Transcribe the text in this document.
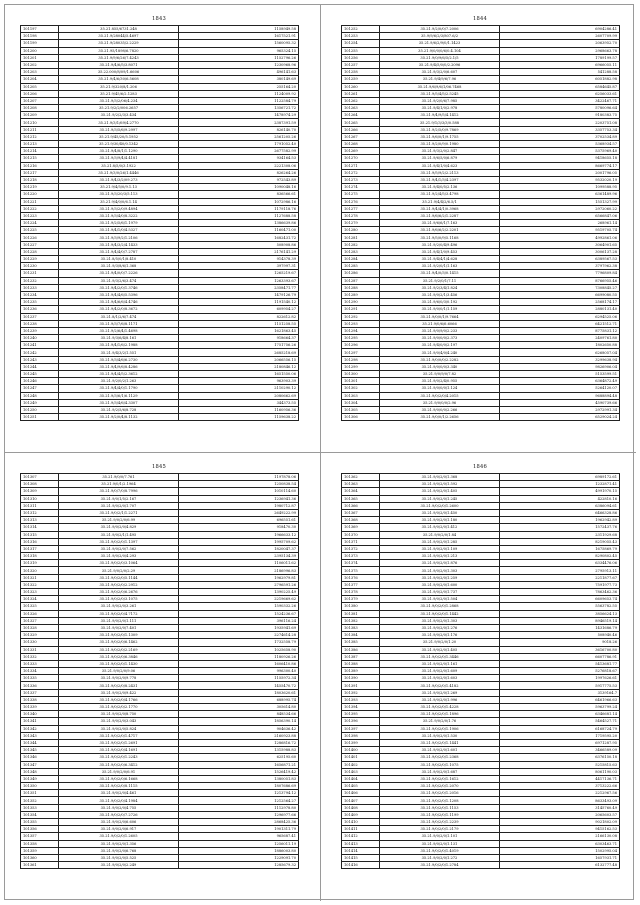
1843
101197	35.21.855/6731.248	1158949.58
101198	35.21.9/28044/5.4697	1617521.91
101199	35.21.9/28035/2.2229	1560095.32
101200	35.21.95/1898/6.7820	965324.15
101201	35.21.9/9/6/26/7.4243	1152796.26
101202	35.21.9/4/6/5/3.8071	1230968.96
101203	35.22.000/8/09/1.6606	496141.63
101204	35.21.9/4/6/30/6.5608	380149.69
101205	35.21.9/320/8/1.206	255164.20
101206	35.21.9/45/6/2.1283	1124009.92
101207	35.21.9/3/2/06/4.234	1122584.79
101208	35.21.9/2/2/006.2657	1356721.72
101209	35.21.9/2/2/3/3.434	1478974.29
101210	35.21.9/3/1/69/4.2770	2387391.59
101211	35.21.9/3/5/6/9.2997	826140.70
101212	35.21.9/45/20/5.1952	2561205.26
101213	35.21.9/30/40/0.1342	1791052.40
101214	35.21.9/4/8/1/1.1290	2677582.99
101215	35.21.9/3/9/4/4.4181	934164.53
101216	35.21.8/5/0/3.1922	2221308.06
101217	35.21.9/3/0/26/1.4446	826264.26
101218	35.21.9/4/3/2/09.273	972543.89
101219	35.21.9/4/5/0/9.1.13	1090048.16
101220	35.21.9/3/20/3/5.113	836566.61
101221	35.21.9/4/0/0/6.1.14	1072986.16
101222	35.21.9/3/2/0/9.4894	1179118.76
101223	35.21.9/3/4/0/8.3222	1127688.58
101224	35.21.9/2/5/6/1.1979	1386639.86
101225	35.21.9/4/1/0/4.5327	1160471.00
101226	35.21.9/3/9/2/1.2106	1682431.72
101227	35.21.9/4/3/2/4.1433	508908.86
101228	35.21.9/4/4/0/7.2787	2176141.29
101229	35.21.8/5/0/1/8.410	914378.39
101230	35.21.9/3/8/6/1.368	397997.31
101231	35.21.9/4/0/0/7.2226	1265219.67
101232	35.21.9/3/2/6/3.474	1263393.67
101233	35.21.9/4/2/0/1.3746	2358471.77
101234	35.21.9/4/4/6/5.5396	1479126.79
101235	35.21.9/4/6/6/4.4746	1191540.12
101236	35.21.9/4/2/0/8.3672	609954.27
101237	35.21.8/1/2/6/7.474	822612.82
101238	35.21.9/3/7/6/8.1171	1151258.55
101239	35.21.9/2/6/4/1.4698	1621863.45
101240	35.21.9/3/6/4/8.161	918664.37
101241	35.21.9/4/1/6/2.1988	1751756.26
101242	35.21.9/4/3/2/1.551	2685218.69
101243	35.21.9/3/4/6/6.2730	2066556.15
101244	35.21.9/4/9/6/8.4286	2180846.12
101245	35.21.9/4/4/5/2.3612	1651550.06
101246	35.21.9/2/0/2/1.263	963903.39
101247	35.21.9/4/4/0/1.1790	2110290.12
101248	35.21.9/3/6/1/6.1129	2080662.69
101249	35.21.9/3/4/6/4.3307	344373.55
101250	35.21.9/2/5/6/8.728	1160956.36
101251	35.21.9/2/0/4/8.1132	1159638.22
1844
101252	35.21.9/2/0/0/7.2006	6904286.41
101253	35.9/9/6/2/3/807.6/2	2607709.99
101254	35.21.9/6/2/9/0/1.1423	2063952.70
101255	35.21.9/0/0/0/6/0.4.104	2968663.78
101256	35.21.9/0/9/6/5/2.1/5	1789199.57
101257	35.21.9/4/5/0/0/2.2096	6966055.11
101258	35.21.9/3/2/0/6.607	541288.58
101259	35.21.9/4/9/6/7.96	6051882.98
101260	35.21.9/6/9/6/1/06.7468	6584645.87
101261	35.21.9/5/4/5/2.5245	6256033.61
101262	35.21.9/2/0/6/7.985	3422467.71
101263	35.21.9/4/1/0/2.978	5780096.64
101264	35.21.9/4/9/5/4.1412	9180383.75
101265	35.21.9/1/3/3/3/0.588	2203751.08
101266	35.21.9/2/5/0/9.7869	3357753.34
101267	35.21.9/6/0/1/9.1755	3702534.89
101268	35.21.9/2/0/9/0.1980	5368934.57
101269	35.21.9/3/2/0/2.847	5375969.40
101270	35.21.9/6/5/0/6.879	9418655.18
101271	35.21.9/4/1/0/4.623	8669774.17
101272	35.21.9/5/9/2/2.2113	2001796.05
101273	35.21.9/4/1/3/4.2397	9532020.19
101274	35.21.9/4/0/5/2.136	1099588.95
101275	35.21.9/2/4/5/3.4798	6361489.96
101276	35.21.9/4/4/2/6.5/1	1551327.99
101277	35.21.9/4/4/1/0.3968	2972060.22
101278	35.21.9/6/6/2/1.2287	6566847.06
101279	35.21.9/6/6/1/7.163	268961.14
101280	35.21.9/6/6/2/2.2201	9519705.74
101281	35.21.9/5/0/9/5.1168	4992861.06
101282	35.21.9/2/0/4/9.496	3064901.65
101283	35.21.9/4/1/0/9.453	3006137.28
101284	35.21.9/4/4/1/4.628	6389567.53
101285	35.21.9/2/0/1/1.163	3797962.38
101286	35.21.9/4/0/3/0.1415	7796809.84
101287	35.21.9/2/0/1/7.11	8766955.46
101288	35.21.9/2/3/4/1.824	7308845.27
101289	35.21.9/0/2/1/3.456	6699080.55
101290	35.21.9/6/0/3/0.192	2568174.17
101291	35.21.9/0/0/1/1.159	2880131.40
101292	35.21.9/0/0/1/9.7664	6294525.06
101293	35.21.9/0/6/6.6066	6421512.71
101294	35.21.9/0/9/0/2.233	8775831.12
101295	35.21.9/0/0/0/2.373	2409761.80
101296	35.21.9/4/0/0/2.197	1802650.88
101297	35.21.9/0/4/0/4.240	6268057.04
101298	35.21.9/0/0/0/2.2282	3299638.94
101299	35.21.9/0/0/0/3.340	9826906.04
101300	35.21.9/0/9/0/7.82	5153599.51
101301	35.21.9/0/2/4/0.955	6364872.49
101302	35.21.9/0/0/0/1.124	5264120.07
101303	35.21.9/0/2/0/4.2015	9688894.48
101304	35.21.9/0/0/0/2.96	4590739.66
101305	35.21.9/0/0/0/2.266	2972991.34
101306	35.21.9/0/0/1/2.2656	6529024.24
1845
101307	35.21.9/0/0/7.761	1197878.06
101308	35.21.9/0/1/2.1964	1250838.54
101309	35.21.9/0/7/0/8.7996	1010114.60
101310	35.21.9/0/1/5/2.167	1236941.36
101311	35.21.9/0/2/0/1.707	1980712.87
101312	35.21.9/0/2/1/1.2271	2649222.99
101313	35.21.9/0/2/0/6.99	696551.61
101314	35.21.9/0/2/0/4.829	918470.30
101315	35.21.9/0/2/1/1.495	1966633.12
101316	35.21.9/0/2/0/1.1397	1995709.62
101317	35.21.9/0/2/0/7.562	1820047.37
101318	35.21.9/0/2/0/4.293	2395134.39
101319	35.21.9/0/2/0/3.1064	1106011.62
101320	35.21.9/0/2/0/2.29	2186996.83
101321	35.21.9/0/2/0/5.1144	1962979.81
101322	35.21.9/0/2/0/2.2912	2796591.26
101323	35.21.9/0/2/0/6.2676	1390225.49
101324	35.21.9/0/2/0/3.1075	2219669.62
101325	35.21.9/0/2/0/3.261	1590332.26
101326	35.21.9/0/2/0/4.7172	1524236.67
101327	35.21.9/0/2/0/1.111	396116.24
101328	35.21.9/0/2/0/7.401	1935941.69
101329	35.21.9/0/2/0/1.1309	2274614.28
101330	35.21.9/0/2/0/6.1462	1732558.79
101331	35.21.9/0/2/0/2.2169	1025658.90
101332	35.21.9/0/2/0/6.3846	1180926.26
101333	35.21.9/0/2/0/1.1430	1606410.86
101334	35.21.9/0/2/0/9.06	996300.40
101335	35.21.9/0/2/0/9.778	1155972.34
101336	35.21.9/0/2/0/8.2431	1455470.72
101337	35.21.9/0/2/0/9.422	1803620.61
101338	35.21.9/0/2/0/4.1766	688995.74
101339	35.21.9/0/2/0/2.1770	305614.80
101340	35.21.9/0/2/0/8.750	848534.66
101341	35.21.9/0/2/0/3.043	1856390.14
101342	35.21.9/0/2/0/5.824	904636.42
101343	35.21.9/0/2/0/1.4717	2160923.88
101344	35.21.9/0/2/0/1.2691	1286816.72
101345	35.21.9/0/2/0/4.1691	1315988.83
101346	35.21.9/0/2/0/1.2243	625195.60
101347	35.21.9/0/2/0/6.3412	1656871.21
101348	35.21.9/0/2/0/6.91	1526419.42
101349	35.21.9/0/2/0/6.1668	1380051.83
101350	35.21.9/0/2/0/8.1115	1807686.69
101351	35.21.9/0/2/0/4.461	1213794.12
101352	35.21.9/0/2/0/4.1984	1212564.27
101353	35.21.9/0/2/0/4.755	1112978.80
101354	35.21.9/0/2/0/7.2726	1296977.66
101355	35.21.9/0/2/0/6.606	2868425.36
101356	35.21.9/0/2/0/6.917	1901311.79
101357	35.21.9/0/2/0/1.2605	965687.41
101358	35.21.9/0/2/0/1.356	1256011.19
101359	35.21.9/0/2/0/6.768	1886003.80
101360	35.21.9/0/2/0/5.525	1229091.70
101361	35.21.9/0/2/0/2.249	1285679.32
1846
101362	35.21.9/0/2/0/1.368	6989172.61
101363	35.21.9/0/2/0/1.592	1232871.41
101364	35.21.9/0/2/0/1.405	4991970.15
101365	35.21.9/0/2/0/1.245	422810.16
101366	35.21.9/0/2/0/1.2600	6386094.61
101367	35.21.9/0/2/0/1.450	6466328.86
101368	35.21.9/0/2/0/1.180	1962942.89
101369	35.21.9/0/2/0/1.412	1572437.76
101370	35.21.9/0/2/0/1.84	2311929.68
101371	35.21.9/0/2/0/1.285	8219055.43
101372	35.21.9/0/2/0/1.109	1675869.79
101373	35.21.9/0/2/0/1.213	8290802.45
101374	35.21.9/0/2/0/1.876	6334476.06
101375	35.21.9/0/2/0/1.303	2795913.11
101376	35.21.9/0/2/0/1.259	2211877.67
101377	35.21.9/0/2/0/1.600	7591977.73
101378	35.21.9/0/2/0/1.737	7863462.36
101379	35.21.9/0/2/0/1.504	6609653.74
101380	35.21.9/0/2/0/1.2868	5563782.55
101381	35.21.9/0/2/0/1.1442	3856624.13
101382	35.21.9/0/2/0/1.303	8946519.14
101383	35.21.9/0/2/0/1.276	1431686.79
101384	35.21.9/0/2/0/1.176	508940.46
101385	35.21.9/0/2/0/1.20	9018.26
101386	35.21.9/0/2/0/1.405	3616700.80
101387	35.21.9/0/2/0/1.3446	6607786.91
101388	35.21.9/0/2/0/1.161	5413681.77
101389	35.21.9/0/2/0/1.609	5276818.67
101390	35.21.9/0/2/0/1.603	1997626.61
101391	35.21.9/0/2/0/1.4182	5917775.53
101392	35.21.9/0/2/0/1.269	3139164.7
101393	35.21.9/0/2/0/1.996	6461966.63
101394	35.21.9/0/2/0/1.4228	5963799.24
101395	35.21.9/0/2/0/1.1896	6346681.14
101396	35.21.9/0/2/0/1.76	5464527.71
101397	35.21.9/0/2/0/1.1906	6168724.79
101398	35.21.9/0/2/0/1.530	1719595.20
101399	35.21.9/0/2/0/1.1441	6971287.95
101400	35.21.9/0/2/0/1.601	3466589.09
101401	35.21.9/0/2/0/1.2368	6376150.18
101402	35.21.9/0/2/0/1.1075	5215815.63
101403	35.21.9/0/2/0/1.687	8061190.03
101404	35.21.9/0/2/0/1.1612	4417136.71
101405	35.21.9/0/2/0/1.2070	3713222.66
101406	35.21.9/0/2/0/1.2016	2212967.56
101407	35.21.9/0/2/0/1.1208	8633493.09
101408	35.21.9/0/2/0/1.1153	3145760.49
101409	35.21.9/0/2/0/1.1199	2065603.57
101410	35.21.9/0/2/0/1.2239	9021802.09
101411	35.21.9/0/2/0/1.2179	9415162.53
101412	35.21.9/0/2/0/1.101	2166130.08
101413	35.21.9/0/2/0/1.131	6303463.71
101414	35.21.9/0/2/0/1.4019	1502995.04
101415	35.21.9/0/2/0/1.272	1657931.71
101416	35.21.9/0/2/0/1.2784	6132777.48
